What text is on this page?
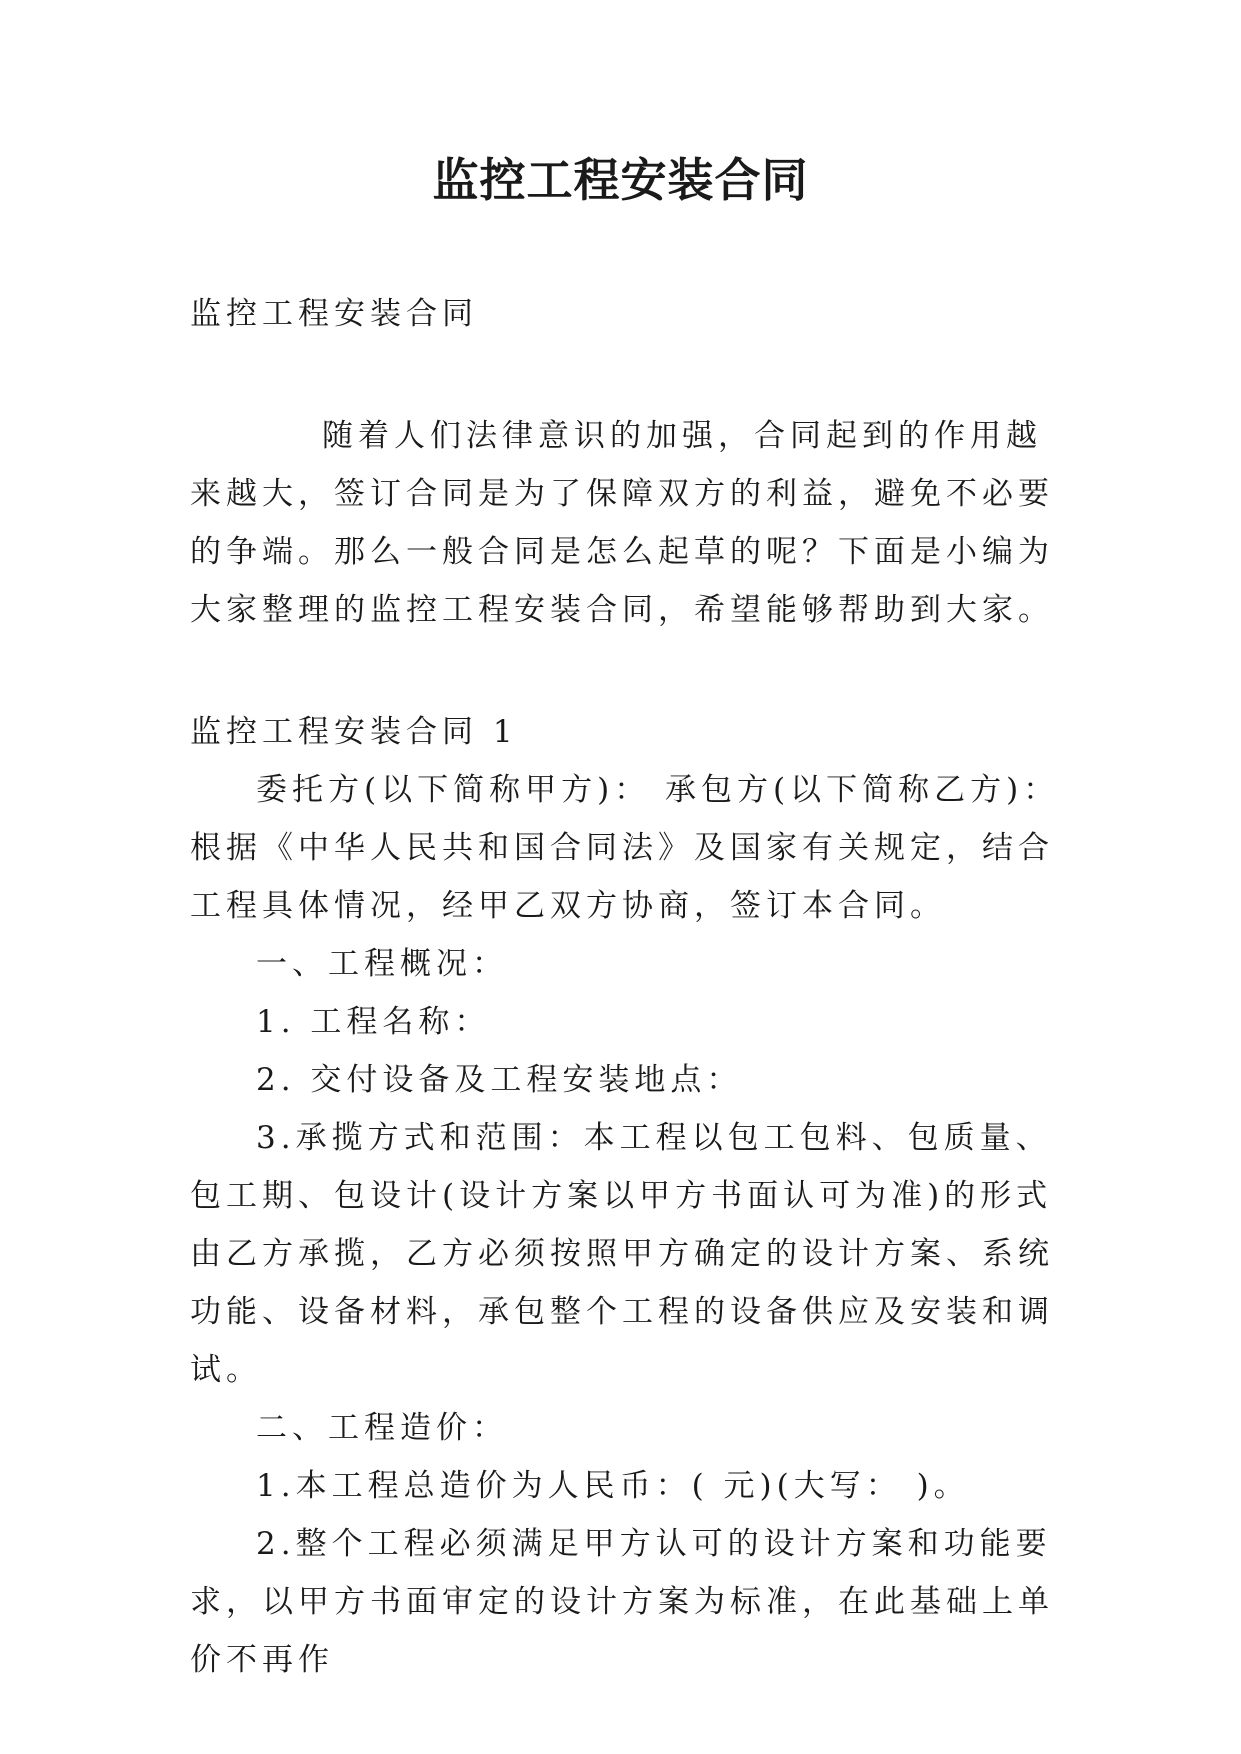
监控工程安装合同

监控工程安装合同

随着人们法律意识的加强，合同起到的作用越来越大，签订合同是为了保障双方的利益，避免不必要的争端。那么一般合同是怎么起草的呢？下面是小编为大家整理的监控工程安装合同，希望能够帮助到大家。

监控工程安装合同 1

委托方(以下简称甲方)： 承包方(以下简称乙方)： 根据《中华人民共和国合同法》及国家有关规定，结合工程具体情况，经甲乙双方协商，签订本合同。

一、工程概况：

1. 工程名称：

2. 交付设备及工程安装地点：

3.承揽方式和范围：本工程以包工包料、包质量、包工期、包设计(设计方案以甲方书面认可为准)的形式由乙方承揽，乙方必须按照甲方确定的设计方案、系统功能、设备材料，承包整个工程的设备供应及安装和调试。

二、工程造价：

1.本工程总造价为人民币：( 元)(大写： )。

2.整个工程必须满足甲方认可的设计方案和功能要求，以甲方书面审定的设计方案为标准，在此基础上单价不再作
